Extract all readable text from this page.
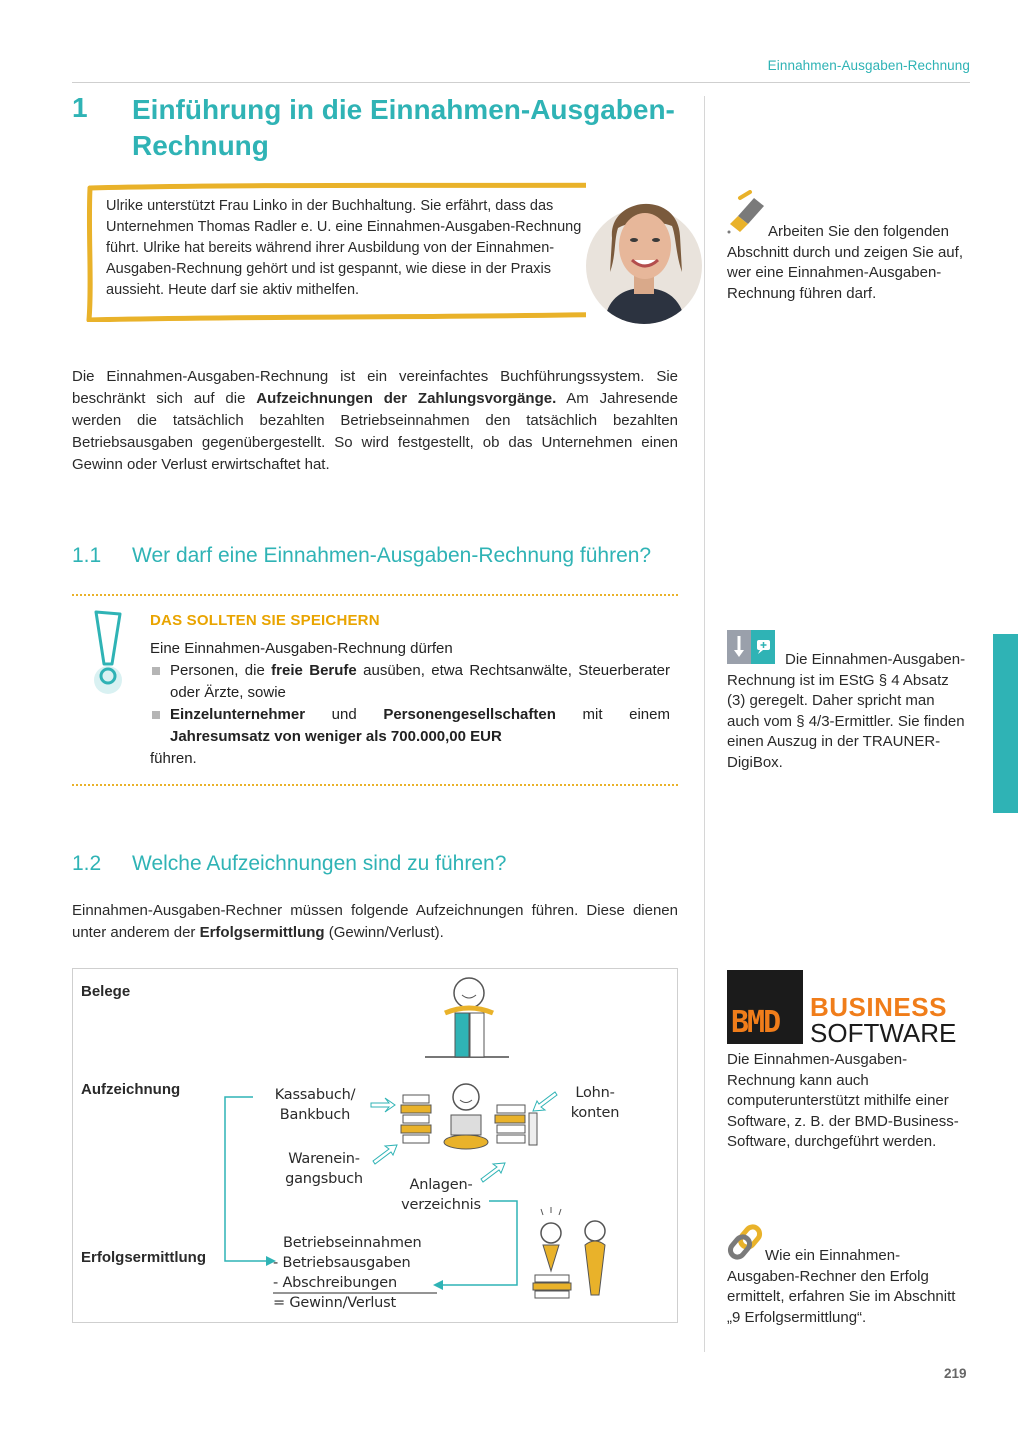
Einnahmen-Ausgaben-Rechnung
1 Einführung in die Einnahmen-Ausgaben-
Rechnung
Ulrike unterstützt Frau Linko in der Buchhaltung. Sie erfährt, dass das Unternehmen Thomas Radler e. U. eine Einnahmen-Ausgaben-Rechnung führt. Ulrike hat bereits während ihrer Ausbildung von der Einnahmen-Ausgaben-Rechnung gehört und ist gespannt, wie diese in der Praxis aussieht. Heute darf sie aktiv mithelfen.
Die Einnahmen-Ausgaben-Rechnung ist ein vereinfachtes Buchführungssystem. Sie beschränkt sich auf die Aufzeichnungen der Zahlungsvorgänge. Am Jahresende werden die tatsächlich bezahlten Betriebseinnahmen den tatsächlich bezahlten Betriebsausgaben gegenübergestellt. So wird festgestellt, ob das Unternehmen einen Gewinn oder Verlust erwirtschaftet hat.
1.1 Wer darf eine Einnahmen-Ausgaben-Rechnung führen?
DAS SOLLTEN SIE SPEICHERN
Eine Einnahmen-Ausgaben-Rechnung dürfen
Personen, die freie Berufe ausüben, etwa Rechtsanwälte, Steuerberater oder Ärzte, sowie
Einzelunternehmer und Personengesellschaften mit einem Jahresumsatz von weniger als 700.000,00 EUR
führen.
1.2 Welche Aufzeichnungen sind zu führen?
Einnahmen-Ausgaben-Rechner müssen folgende Aufzeichnungen führen. Diese dienen unter anderem der Erfolgsermittlung (Gewinn/Verlust).
Belege
Aufzeichnung
Erfolgsermittlung
Kassabuch/
Bankbuch
Lohn-
konten
Warenein-
gangsbuch	Anlagen-
verzeichnis
Betriebseinnahmen
- Betriebsausgaben
- Abschreibungen
= Gewinn/Verlust
Arbeiten Sie den folgenden Abschnitt durch und zeigen Sie auf, wer eine Einnahmen-Ausgaben-Rechnung führen darf.
Die Einnahmen-Ausgaben-Rechnung ist im EStG § 4 Absatz (3) geregelt. Daher spricht man auch vom § 4/3-Ermittler. Sie finden einen Auszug in der TRAUNER-DigiBox.
BMD BUSINESS
SOFTWARE
Die Einnahmen-Ausgaben-Rechnung kann auch computerunterstützt mithilfe einer Software, z. B. der BMD-Business-Software, durchgeführt werden.
Wie ein Einnahmen-Ausgaben-Rechner den Erfolg ermittelt, erfahren Sie im Abschnitt „9 Erfolgsermittlung“.
219
